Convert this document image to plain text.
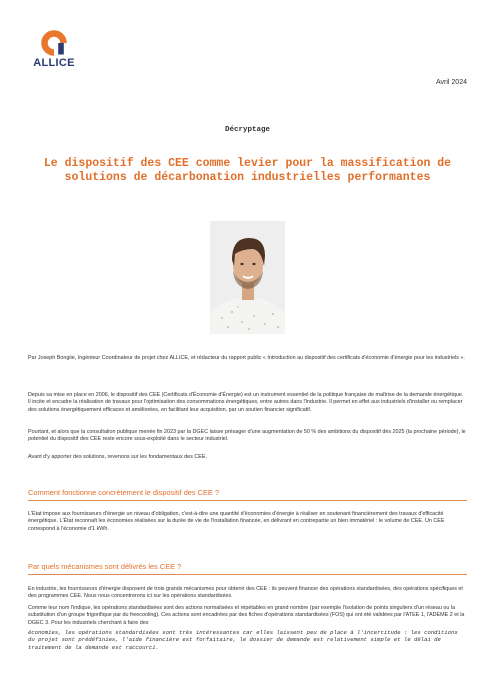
ALLICE
Avril 2024
Décryptage
Le dispositif des CEE comme levier pour la massification de
solutions de décarbonation industrielles performantes
Par Joseph Bongiie, Ingénieur Coordinateur de projet chez ALLICE, et rédacteur du rapport public « Introduction au dispositif des certificats d'économie d'énergie pour les industriels ».
Depuis sa mise en place en 2006, le dispositif des CEE (Certificats d'Économie d'Énergie) est un instrument essentiel de la politique française de maîtrise de la demande énergétique. Il incite et encadre la réalisation de travaux pour l'optimisation des consommations énergétiques, entre autres dans l'industrie. Il permet en effet aux industriels d'installer ou remplacer des solutions énergétiquement efficaces et améliorées, en facilitant leur acquisition, par un soutien financier significatif.
Pourtant, et alors que la consultation publique menée fin 2023 par la DGEC laisse présager d'une augmentation de 50 % des ambitions du dispositif dès 2025 (la prochaine période), le potentiel du dispositif des CEE reste encore sous-exploité dans le secteur industriel.
Avant d'y apporter des solutions, revenons sur les fondamentaux des CEE.
Comment fonctionne concrètement le dispositif des CEE ?
L'État impose aux fournisseurs d'énergie un niveau d'obligation, c'est-à-dire une quantité d'économies d'énergie à réaliser en soutenant financièrement des travaux d'efficacité énergétique. L'État reconnaît les économies réalisées sur la durée de vie de l'installation financée, en délivrant en contrepartie un bien immatériel : le volume de CEE. Un CEE correspond à l'économie d'1 kWh.
Par quels mécanismes sont délivrés les CEE ?
En industrie, les fournisseurs d'énergie disposent de trois grands mécanismes pour obtenir des CEE : ils peuvent financer des opérations standardisées, des opérations spécifiques et des programmes CEE. Nous nous concentrerons ici sur les opérations standardisées.
Comme leur nom l'indique, les opérations standardisées sont des actions normalisées et répétables en grand nombre (par exemple l'isolation de points singuliers d'un réseau ou la substitution d'un groupe frigorifique par du freecooling). Ces actions sont encadrées par des fiches d'opérations standardisées (FOS) qui ont été validées par l'ATEE 1, l'ADEME 2 et la DGEC 3. Pour les industriels cherchant à faire des
économies, les opérations standardisées sont très intéressantes car elles laissent peu de place à l'incertitude : les conditions du projet sont prédéfinies, l'aide financière est forfaitaire, le dossier de demande est relativement simple et le délai de traitement de la demande est raccourci.
